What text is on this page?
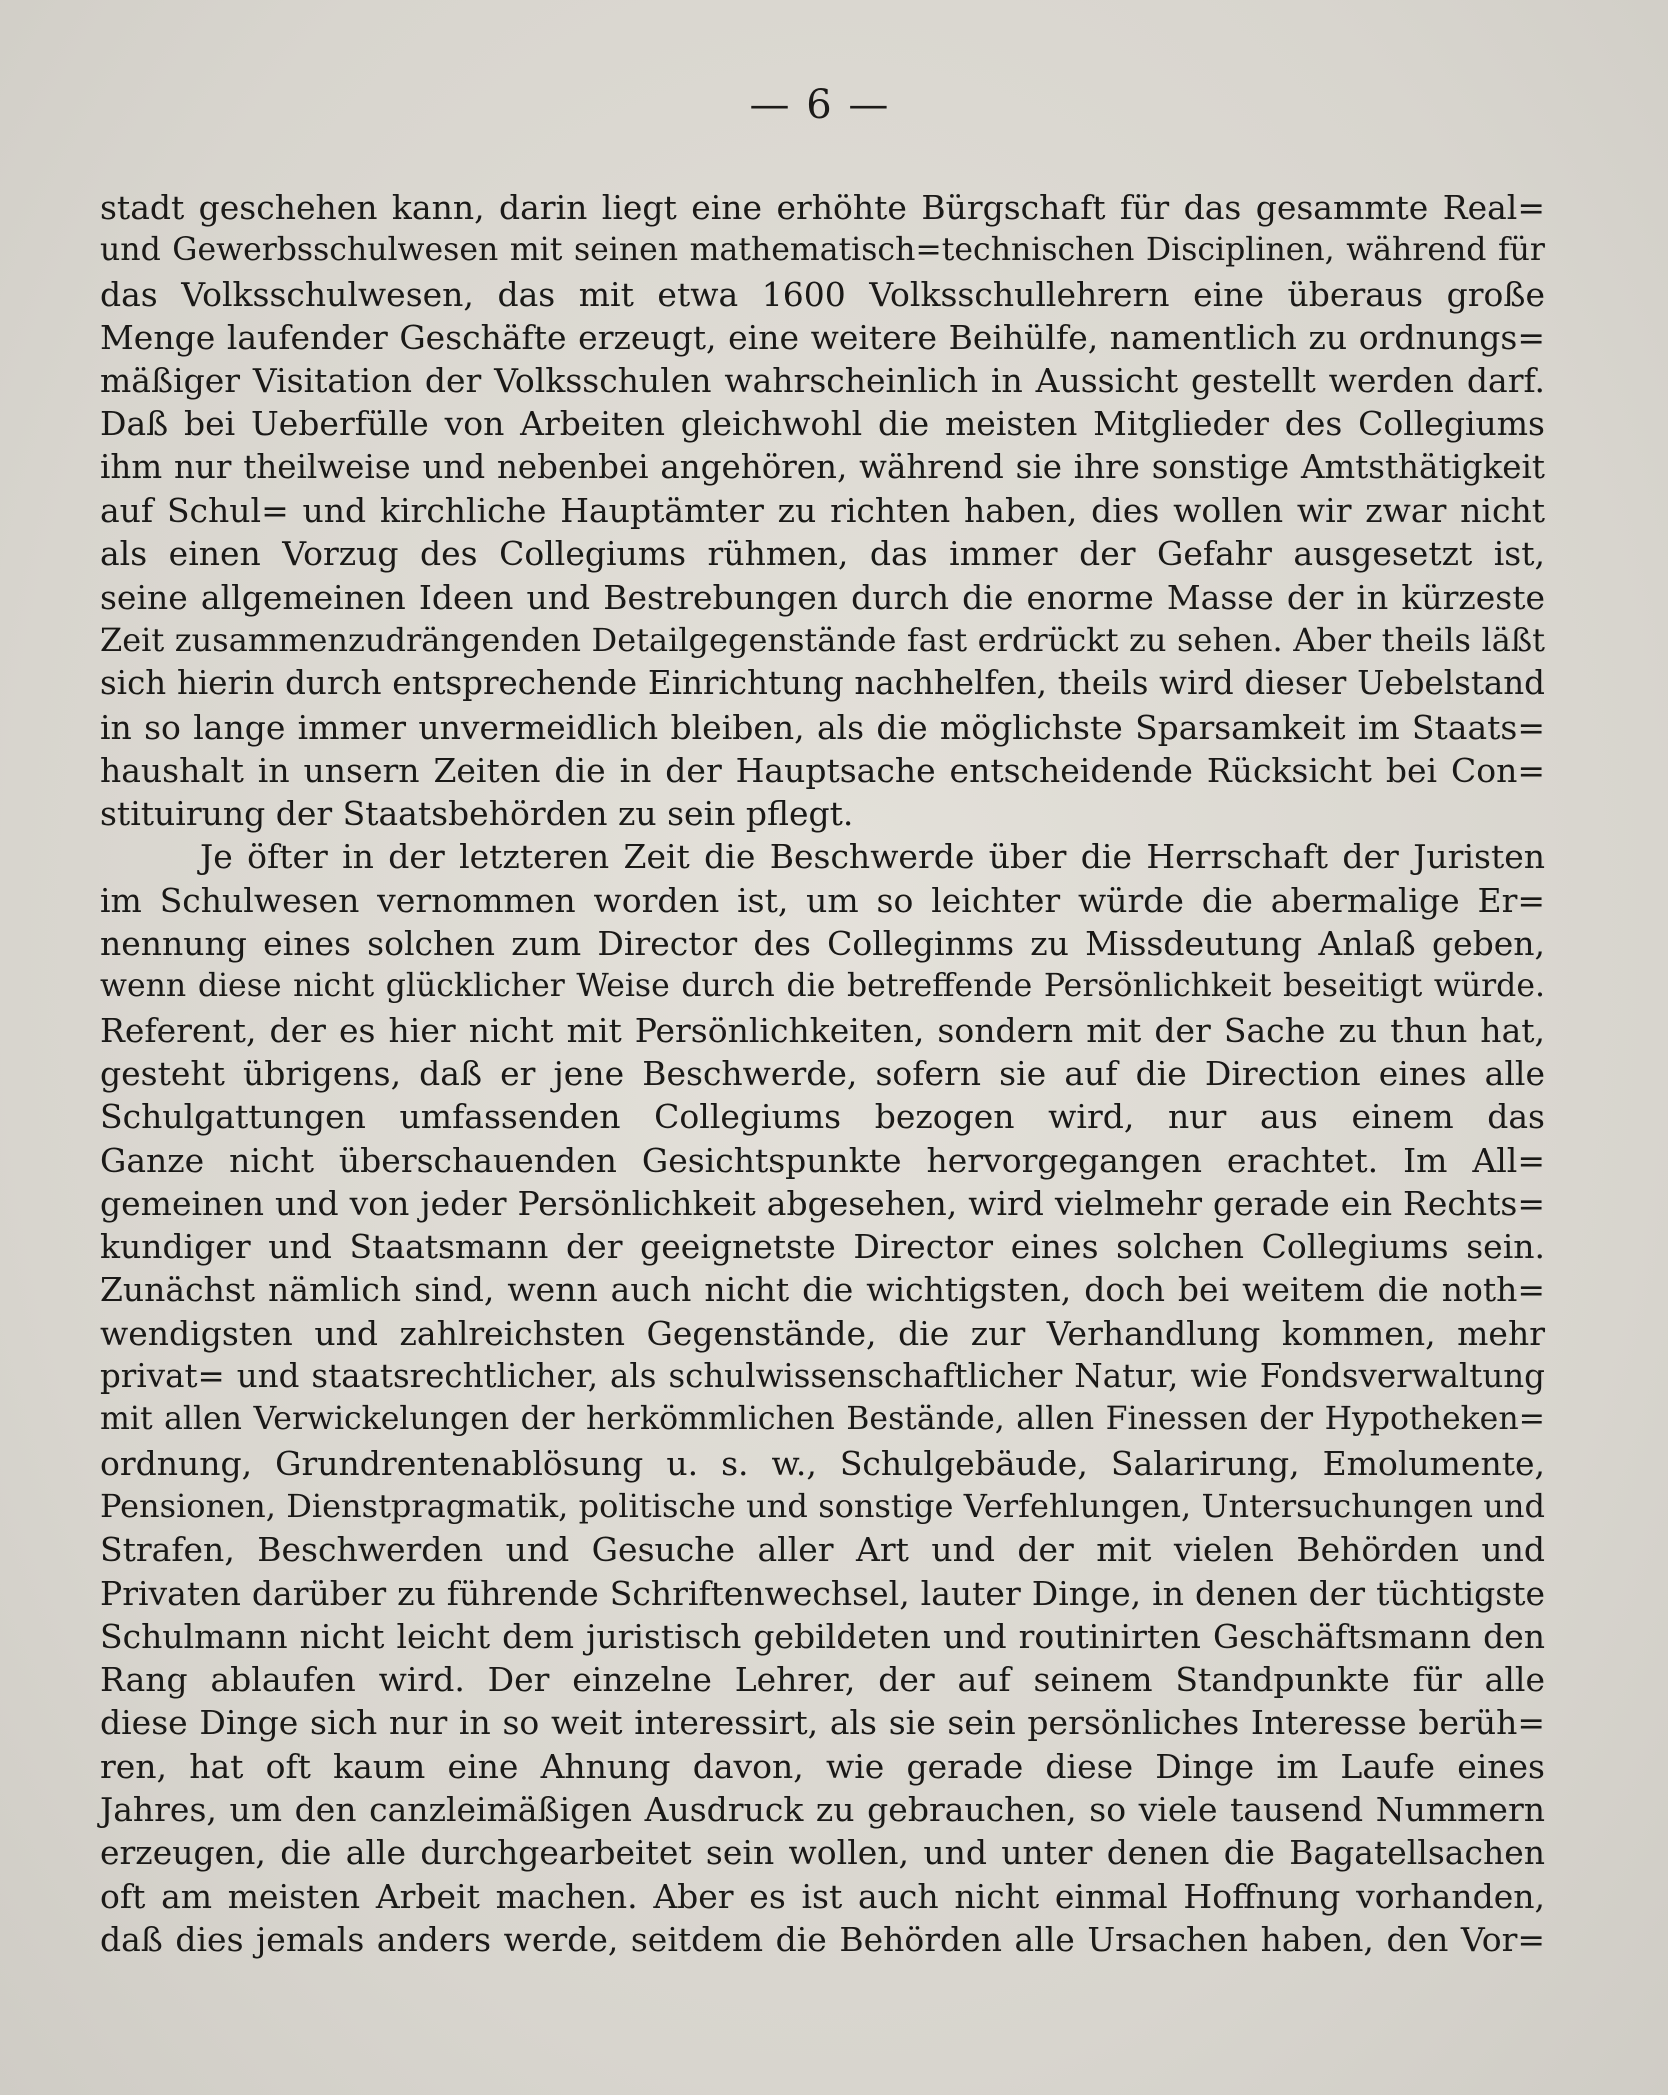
— 6 —
stadt geschehen kann, darin liegt eine erhöhte Bürgschaft für das gesammte Real=
und Gewerbsschulwesen mit seinen mathematisch=technischen Disciplinen, während für
das Volksschulwesen, das mit etwa 1600 Volksschullehrern eine überaus große
Menge laufender Geschäfte erzeugt, eine weitere Beihülfe, namentlich zu ordnungs=
mäßiger Visitation der Volksschulen wahrscheinlich in Aussicht gestellt werden darf.
Daß bei Ueberfülle von Arbeiten gleichwohl die meisten Mitglieder des Collegiums
ihm nur theilweise und nebenbei angehören, während sie ihre sonstige Amtsthätigkeit
auf Schul= und kirchliche Hauptämter zu richten haben, dies wollen wir zwar nicht
als einen Vorzug des Collegiums rühmen, das immer der Gefahr ausgesetzt ist,
seine allgemeinen Ideen und Bestrebungen durch die enorme Masse der in kürzeste
Zeit zusammenzudrängenden Detailgegenstände fast erdrückt zu sehen. Aber theils läßt
sich hierin durch entsprechende Einrichtung nachhelfen, theils wird dieser Uebelstand
in so lange immer unvermeidlich bleiben, als die möglichste Sparsamkeit im Staats=
haushalt in unsern Zeiten die in der Hauptsache entscheidende Rücksicht bei Con=
stituirung der Staatsbehörden zu sein pflegt.
Je öfter in der letzteren Zeit die Beschwerde über die Herrschaft der Juristen
im Schulwesen vernommen worden ist, um so leichter würde die abermalige Er=
nennung eines solchen zum Director des Colleginms zu Missdeutung Anlaß geben,
wenn diese nicht glücklicher Weise durch die betreffende Persönlichkeit beseitigt würde.
Referent, der es hier nicht mit Persönlichkeiten, sondern mit der Sache zu thun hat,
gesteht übrigens, daß er jene Beschwerde, sofern sie auf die Direction eines alle
Schulgattungen umfassenden Collegiums bezogen wird, nur aus einem das
Ganze nicht überschauenden Gesichtspunkte hervorgegangen erachtet. Im All=
gemeinen und von jeder Persönlichkeit abgesehen, wird vielmehr gerade ein Rechts=
kundiger und Staatsmann der geeignetste Director eines solchen Collegiums sein.
Zunächst nämlich sind, wenn auch nicht die wichtigsten, doch bei weitem die noth=
wendigsten und zahlreichsten Gegenstände, die zur Verhandlung kommen, mehr
privat= und staatsrechtlicher, als schulwissenschaftlicher Natur, wie Fondsverwaltung
mit allen Verwickelungen der herkömmlichen Bestände, allen Finessen der Hypotheken=
ordnung, Grundrentenablösung u. s. w., Schulgebäude, Salarirung, Emolumente,
Pensionen, Dienstpragmatik, politische und sonstige Verfehlungen, Untersuchungen und
Strafen, Beschwerden und Gesuche aller Art und der mit vielen Behörden und
Privaten darüber zu führende Schriftenwechsel, lauter Dinge, in denen der tüchtigste
Schulmann nicht leicht dem juristisch gebildeten und routinirten Geschäftsmann den
Rang ablaufen wird. Der einzelne Lehrer, der auf seinem Standpunkte für alle
diese Dinge sich nur in so weit interessirt, als sie sein persönliches Interesse berüh=
ren, hat oft kaum eine Ahnung davon, wie gerade diese Dinge im Laufe eines
Jahres, um den canzleimäßigen Ausdruck zu gebrauchen, so viele tausend Nummern
erzeugen, die alle durchgearbeitet sein wollen, und unter denen die Bagatellsachen
oft am meisten Arbeit machen. Aber es ist auch nicht einmal Hoffnung vorhanden,
daß dies jemals anders werde, seitdem die Behörden alle Ursachen haben, den Vor=
